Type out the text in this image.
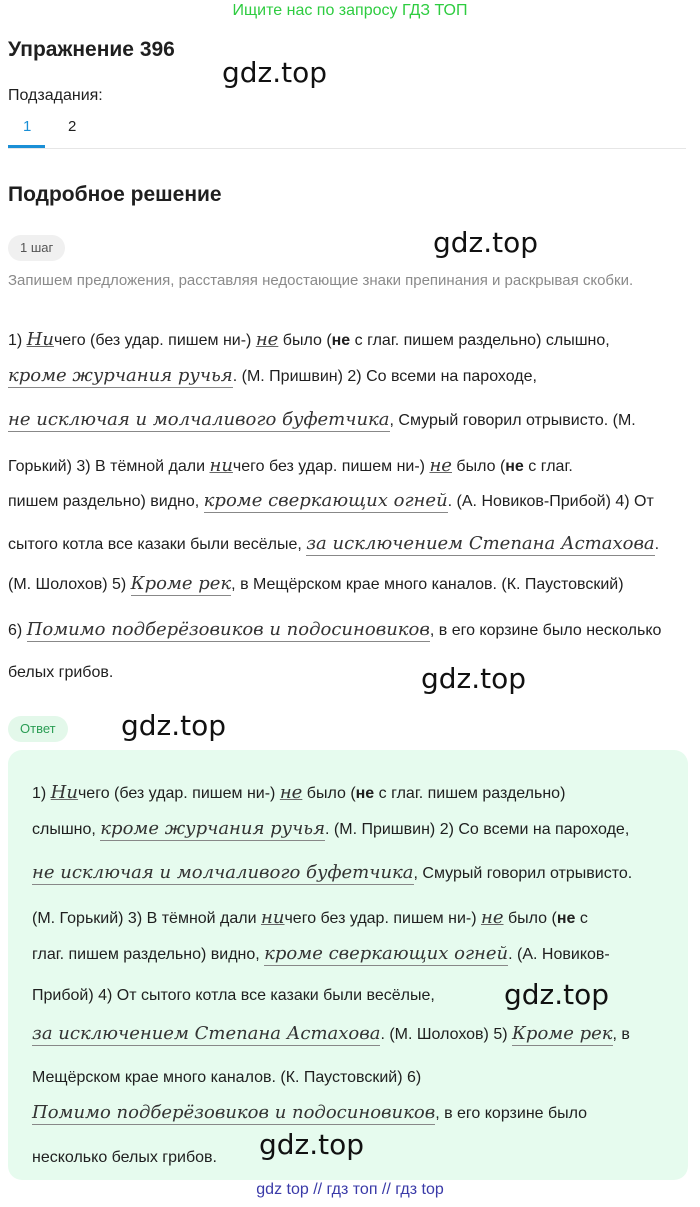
Ищите нас по запросу ГДЗ ТОП
Упражнение 396
gdz.top
gdz.top
gdz.top
gdz.top
Подзадания:
1 2
Подробное решение
1 шаг
Запишем предложения, расставляя недостающие знаки препинания и раскрывая скобки.
1) Ничего (без удар. пишем ни-) не было (не с глаг. пишем раздельно) слышно,
кроме журчания ручья. (М. Пришвин) 2) Со всеми на пароходе,
не исключая и молчаливого буфетчика, Смурый говорил отрывисто. (М.
Горький) 3) В тёмной дали ничего без удар. пишем ни-) не было (не с глаг.
пишем раздельно) видно, кроме сверкающих огней. (А. Новиков-Прибой) 4) От
сытого котла все казаки были весёлые, за исключением Степана Астахова.
(М. Шолохов) 5) Кроме рек, в Мещёрском крае много каналов. (К. Паустовский)
6) Помимо подберёзовиков и подосиновиков, в его корзине было несколько
белых грибов.
Ответ
1) Ничего (без удар. пишем ни-) не было (не с глаг. пишем раздельно)
слышно, кроме журчания ручья. (М. Пришвин) 2) Со всеми на пароходе,
не исключая и молчаливого буфетчика, Смурый говорил отрывисто.
(М. Горький) 3) В тёмной дали ничего без удар. пишем ни-) не было (не с
глаг. пишем раздельно) видно, кроме сверкающих огней. (А. Новиков-
Прибой) 4) От сытого котла все казаки были весёлые,
за исключением Степана Астахова. (М. Шолохов) 5) Кроме рек, в
Мещёрском крае много каналов. (К. Паустовский) 6)
Помимо подберёзовиков и подосиновиков, в его корзине было
несколько белых грибов.
gdz.top
gdz.top
gdz top // гдз топ // гдз top
